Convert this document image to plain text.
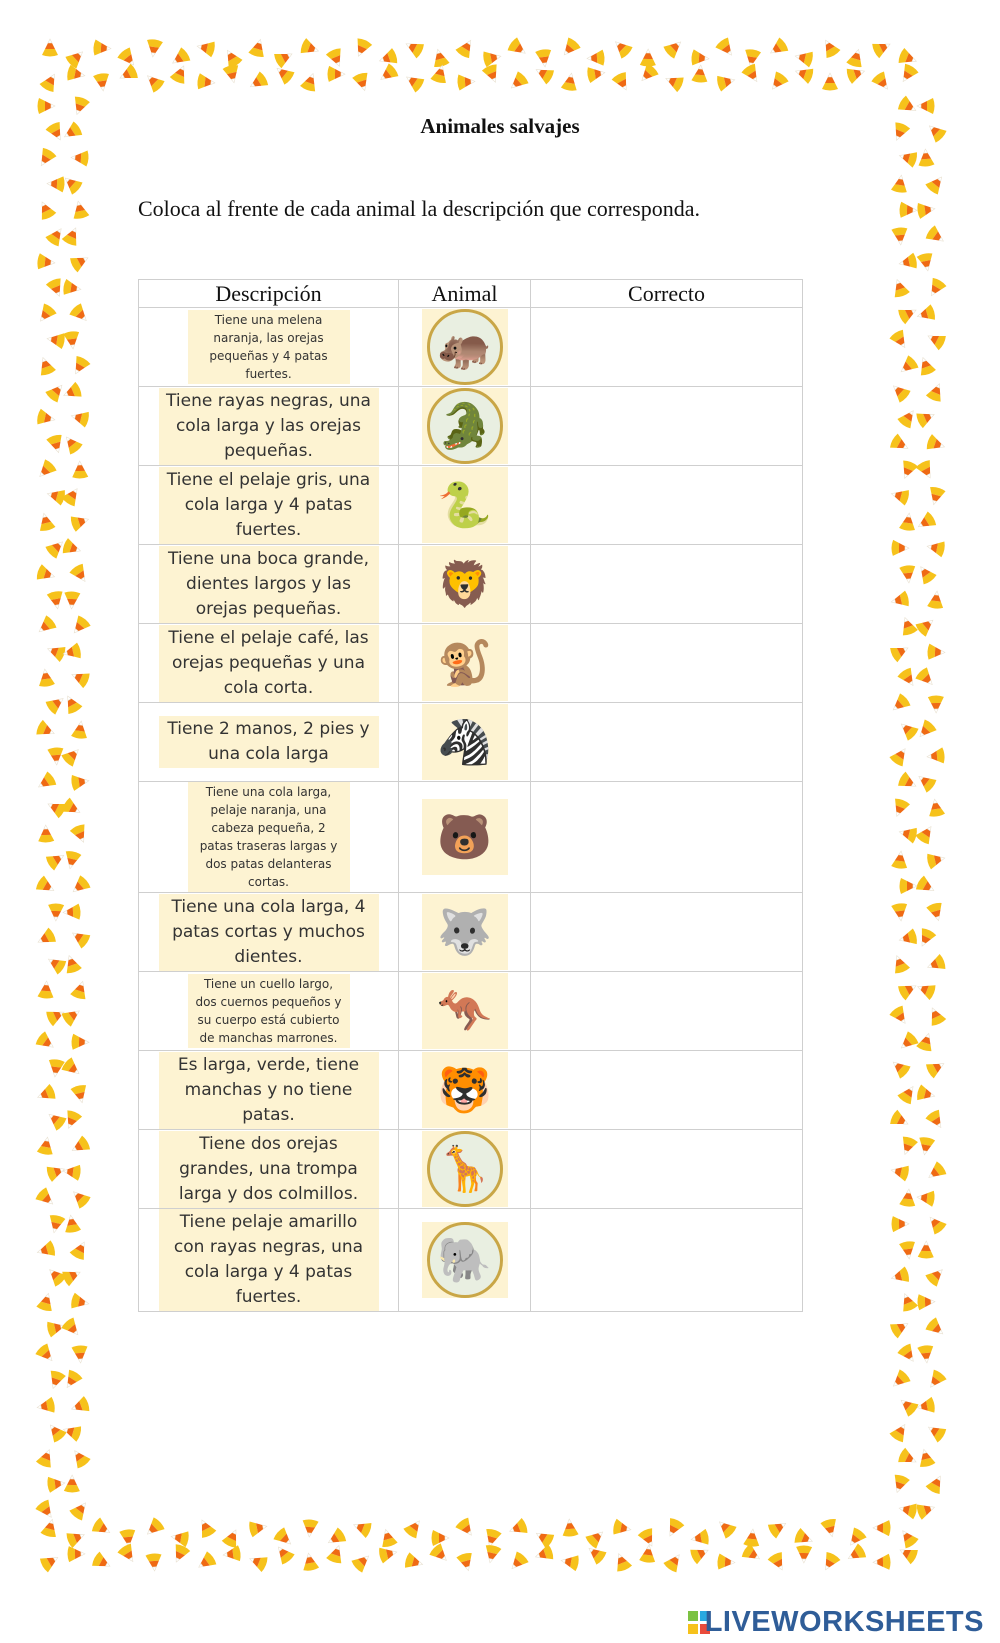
Animales salvajes
Coloca al frente de cada animal la descripción que corresponda.
Descripción	Animal	Correcto
Tiene una melena naranja, las orejas pequeñas y 4 patas fuertes.	🦛	

Tiene rayas negras, una cola larga y las orejas pequeñas.	🐊	

Tiene el pelaje gris, una cola larga y 4 patas fuertes.	🐍	

Tiene una boca grande, dientes largos y las orejas pequeñas.	🦁	

Tiene el pelaje café, las orejas pequeñas y una cola corta.	🐒	

Tiene 2 manos, 2 pies y una cola larga	🦓	

Tiene una cola larga, pelaje naranja, una cabeza pequeña, 2 patas traseras largas y dos patas delanteras cortas.	🐻	

Tiene una cola larga, 4 patas cortas y muchos dientes.	🐺	

Tiene un cuello largo, dos cuernos pequeños y su cuerpo está cubierto de manchas marrones.	🦘	

Es larga, verde, tiene manchas y no tiene patas.	🐯	

Tiene dos orejas grandes, una trompa larga y dos colmillos.	🦒	

Tiene pelaje amarillo con rayas negras, una cola larga y 4 patas fuertes.	🐘	

LIVEWORKSHEETS
